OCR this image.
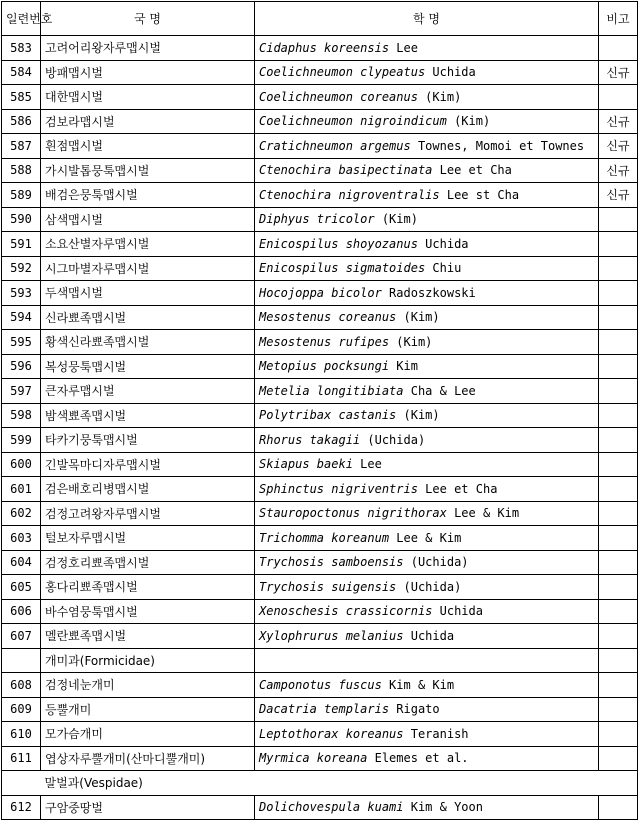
일련번호	국 명	학 명	비고
583	고려어리왕자루맵시벌	Cidaphus koreensis Lee	
584	방패맵시벌	Coelichneumon clypeatus Uchida	신규
585	대한맵시벌	Coelichneumon coreanus (Kim)	
586	검보라맵시벌	Coelichneumon nigroindicum (Kim)	신규
587	흰점맵시벌	Cratichneumon argemus Townes, Momoi et Townes	신규
588	가시발톱뭉툭맵시벌	Ctenochira basipectinata Lee et Cha	신규
589	배검은뭉툭맵시벌	Ctenochira nigroventralis Lee st Cha	신규
590	삼색맵시벌	Diphyus tricolor (Kim)	
591	소요산별자루맵시벌	Enicospilus shoyozanus Uchida	
592	시그마별자루맵시벌	Enicospilus sigmatoides Chiu	
593	두색맵시벌	Hocojoppa bicolor Radoszkowski	
594	신라뾰족맵시벌	Mesostenus coreanus (Kim)	
595	황색신라뾰족맵시벌	Mesostenus rufipes (Kim)	
596	복성뭉툭맵시벌	Metopius pocksungi Kim	
597	큰자루맵시벌	Metelia longitibiata Cha & Lee	
598	밤색뾰족맵시벌	Polytribax castanis (Kim)	
599	타카기뭉툭맵시벌	Rhorus takagii (Uchida)	
600	긴발목마디자루맵시벌	Skiapus baeki Lee	
601	검은배호리병맵시벌	Sphinctus nigriventris Lee et Cha	
602	검정고려왕자루맵시벌	Stauropoctonus nigrithorax Lee & Kim	
603	털보자루맵시벌	Trichomma koreanum Lee & Kim	
604	검정호리뾰족맵시벌	Trychosis samboensis (Uchida)	
605	홍다리뾰족맵시벌	Trychosis suigensis (Uchida)	
606	바수염뭉툭맵시벌	Xenoschesis crassicornis Uchida	
607	멜란뾰족맵시벌	Xylophrurus melanius Uchida	
	개미과(Formicidae)		
608	검정네눈개미	Camponotus fuscus Kim & Kim	
609	등뿔개미	Dacatria templaris Rigato	
610	모가슴개미	Leptothorax koreanus Teranish	
611	엽상자루뿔개미(산마디뿔개미)	Myrmica koreana Elemes et al.	
	말벌과(Vespidae)		
612	구암중땅벌	Dolichovespula kuami Kim & Yoon	
